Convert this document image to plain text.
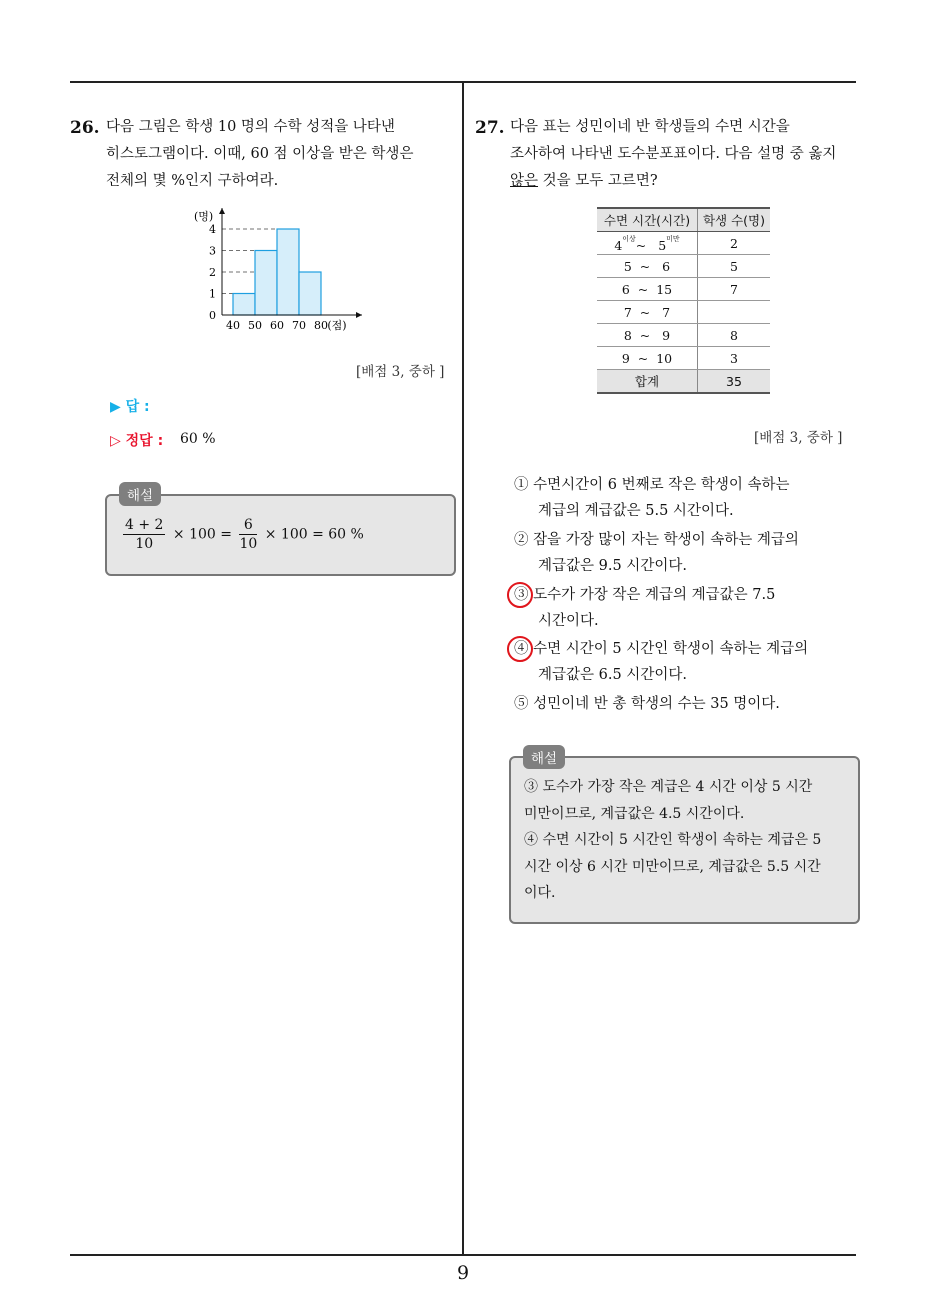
9
26. 다음 그림은 학생 10 명의 수학 성적을 나타낸
히스토그램이다. 이때, 60 점 이상을 받은 학생은
전체의 몇 %인지 구하여라.
0
1
2
3
4
40 50 60 70 80
(명)
(점)
[배점 3, 중하 ]
▶ 답 :
▷ 정답 : 60 %
$\frac{4 + 2}{10} \times 100 = \frac{6}{10} \times 100 = 60$ %
해설
27. 다음 표는 성민이네 반 학생들의 수면 시간을
조사하여 나타낸 도수분포표이다. 다음 설명 중 옳지
않은 것을 모두 고르면?
수면 시간(시간)	학생 수(명)
$4^{이상}\sim$ $5^{미만}$	2
5  ~   6	5
6  ~  15	7
7  ~   7	
8  ~   9	8
9  ~  10	3
합계	35
[배점 3, 중하 ]
① 수면시간이 6 번째로 작은 학생이 속하는
계급의 계급값은 5.5 시간이다.
② 잠을 가장 많이 자는 학생이 속하는 계급의
계급값은 9.5 시간이다.
③ 도수가 가장 작은 계급의 계급값은 7.5
시간이다.
④ 수면 시간이 5 시간인 학생이 속하는 계급의
계급값은 6.5 시간이다.
⑤ 성민이네 반 총 학생의 수는 35 명이다.
③ 도수가 가장 작은 계급은 4 시간 이상 5 시간
미만이므로, 계급값은 4.5 시간이다.
④ 수면 시간이 5 시간인 학생이 속하는 계급은 5
시간 이상 6 시간 미만이므로, 계급값은 5.5 시간
이다.
해설
